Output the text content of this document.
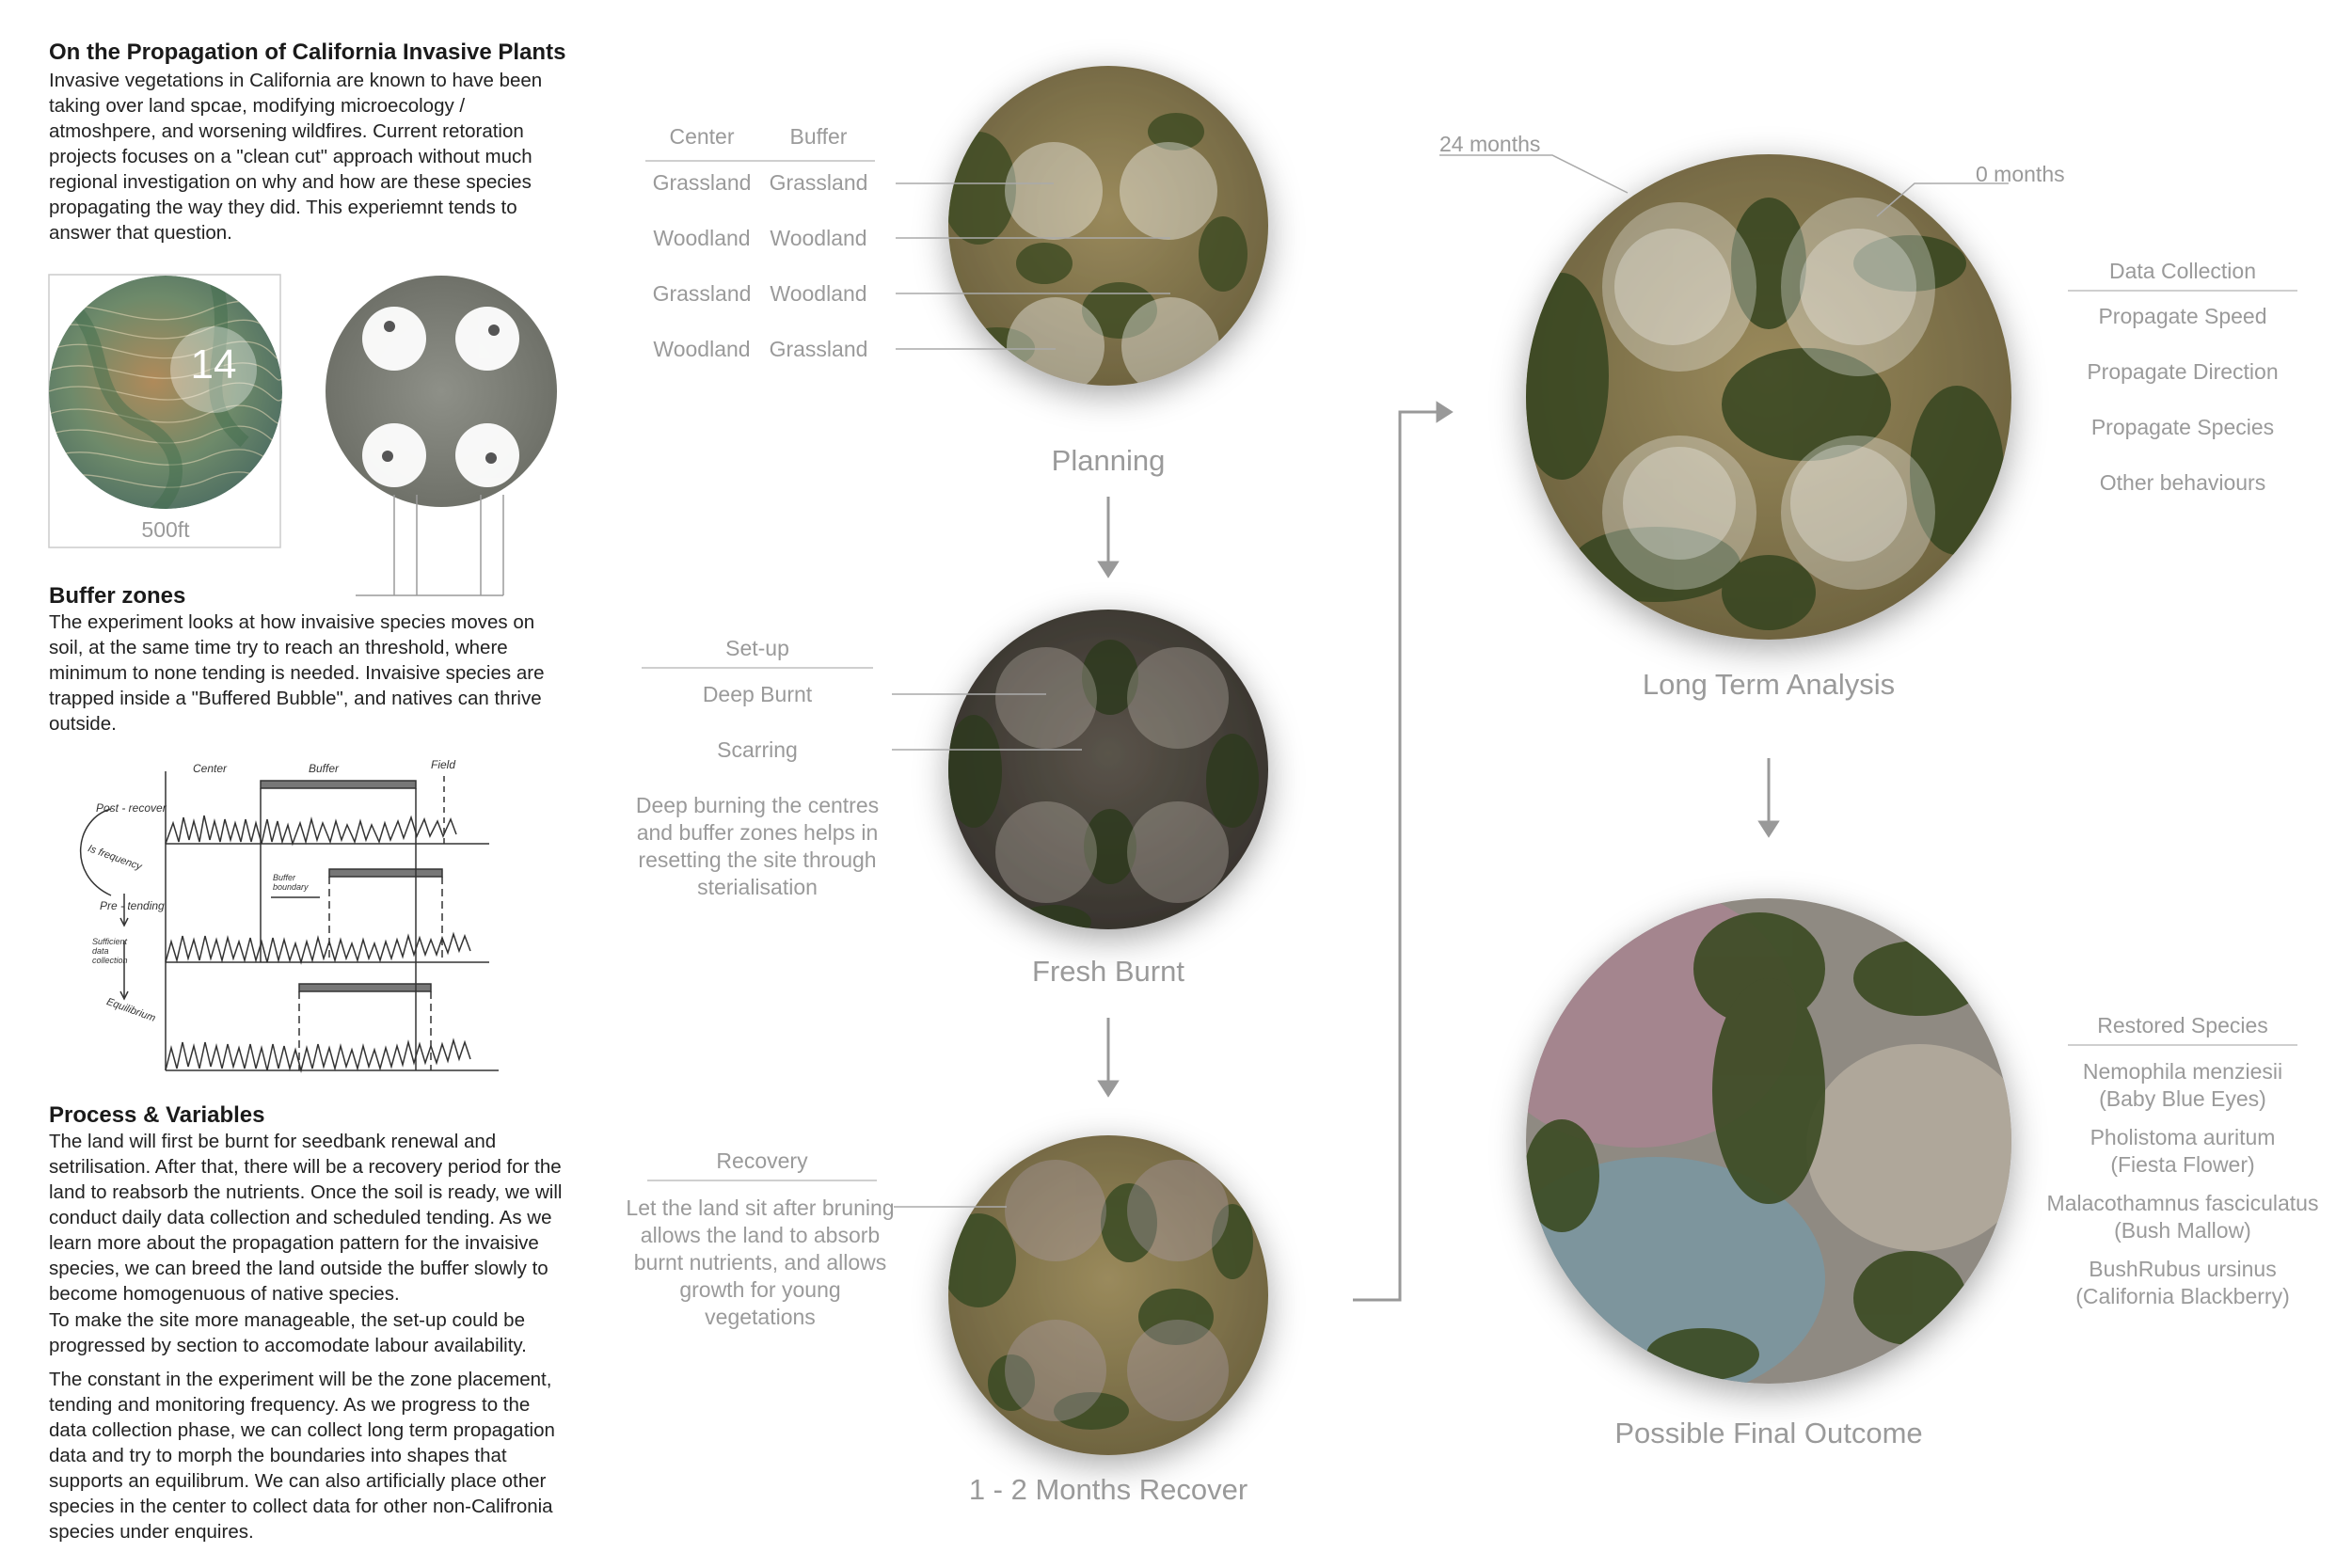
On the Propagation of California Invasive Plants
Invasive vegetations in California are known to have been taking over land spcae, modifying microecology / atmoshpere, and worsening wildfires. Current retoration projects focuses on a "clean cut" approach without much regional investigation on why and how are these species propagating the way they did. This experiemnt tends to answer that question.
500ft
14
Buffer zones
The experiment looks at how invaisive species moves on soil, at the same time try to reach an threshold, where minimum to none tending is needed. Invaisive species are trapped inside a "Buffered Bubble", and natives can thrive outside.
Center	Buffer	Field
Post - recover
Is frequency
Pre - tending
Sufficient data collection
Buffer boundary
Equilibrium
Process & Variables
The land will first be burnt for seedbank renewal and setrilisation. After that, there will be a recovery period for the land to reabsorb the nutrients. Once the soil is ready, we will conduct daily data collection and scheduled tending. As we learn more about the propagation pattern for the invaisive species, we can breed the land outside the buffer slowly to become homogenuous of native species.
To make the site more manageable, the set-up could be progressed by section to accomodate labour availability.
The constant in the experiment will be the zone placement, tending and monitoring frequency. As we progress to the data collection phase, we can collect long term propagation data and try to morph the boundaries into shapes that supports an equilibrum. We can also artificially place other species in the center to collect data for other non-Califronia species under enquires.
Center	Buffer
Grassland Grassland
Woodland Woodland
Grassland Woodland
Woodland Grassland
Planning
Set-up
Deep Burnt
Scarring
Deep burning the centres and buffer zones helps in resetting the site through sterialisation
Fresh Burnt
Recovery
Let the land sit after bruning allows the land to absorb burnt nutrients, and allows growth for young vegetations
1 - 2 Months Recover
24 months
0 months
Data Collection
Propagate Speed
Propagate Direction
Propagate Species
Other behaviours
Long Term Analysis
Restored Species
Nemophila menziesii
(Baby Blue Eyes)
Pholistoma auritum
(Fiesta Flower)
Malacothamnus fasciculatus
(Bush Mallow)
BushRubus ursinus
(California Blackberry)
Possible Final Outcome
